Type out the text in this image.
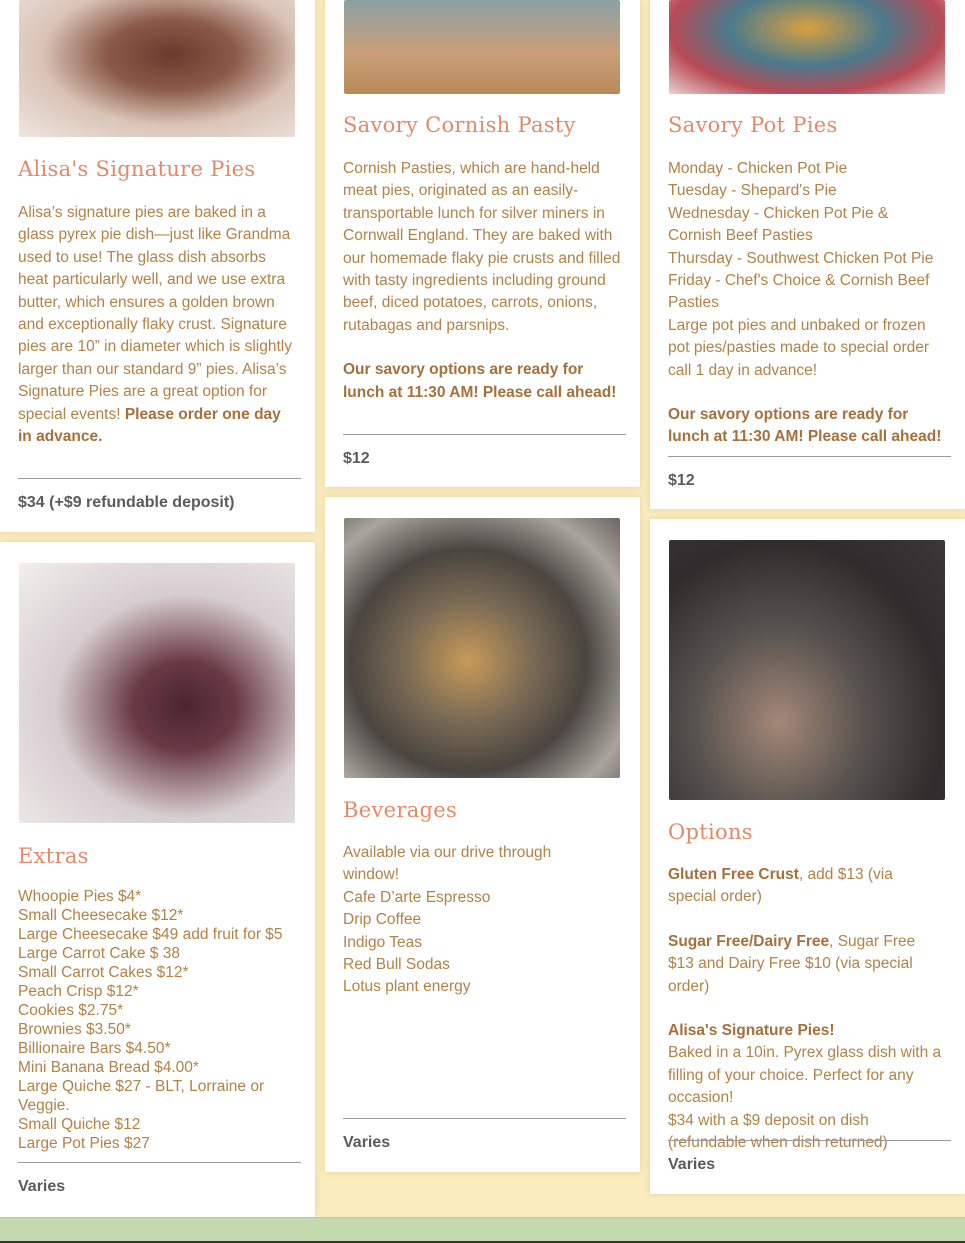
Alisa's Signature Pies
Alisa’s signature pies are baked in a glass pyrex pie dish—just like Grandma used to use! The glass dish absorbs heat particularly well, and we use extra butter, which ensures a golden brown and exceptionally flaky crust. Signature pies are 10” in diameter which is slightly larger than our standard 9” pies. Alisa’s Signature Pies are a great option for special events! Please order one day in advance.
$34 (+$9 refundable deposit)
Savory Cornish Pasty

Cornish Pasties, which are hand-held meat pies, originated as an easily-transportable lunch for silver miners in Cornwall England. They are baked with our homemade flaky pie crusts and filled with tasty ingredients including ground beef, diced potatoes, carrots, onions, rutabagas and parsnips.

Our savory options are ready for lunch at 11:30 AM! Please call ahead!

$12
Savory Pot Pies

Monday - Chicken Pot Pie

Tuesday - Shepard's Pie

Wednesday - Chicken Pot Pie & Cornish Beef Pasties

Thursday - Southwest Chicken Pot Pie

Friday - Chef's Choice & Cornish Beef Pasties

Large pot pies and unbaked or frozen pot pies/pasties made to special order call 1 day in advance!

Our savory options are ready for lunch at 11:30 AM! Please call ahead!

$12
Extras

Whoopie Pies $4*

Small Cheesecake $12*

Large Cheesecake $49 add fruit for $5

Large Carrot Cake $ 38

Small Carrot Cakes $12*

Peach Crisp $12*

Cookies $2.75*

Brownies $3.50*

Billionaire Bars $4.50*

Mini Banana Bread $4.00*

Large Quiche $27 - BLT, Lorraine or Veggie.

Small Quiche $12

Large Pot Pies $27

Varies
Beverages

Available via our drive through window!

Cafe D’arte Espresso

Drip Coffee

Indigo Teas

Red Bull Sodas

Lotus plant energy

Varies
Options

Gluten Free Crust, add $13 (via special order)

Sugar Free/Dairy Free, Sugar Free $13 and Dairy Free $10 (via special order)

Alisa's Signature Pies!

Baked in a 10in. Pyrex glass dish with a filling of your choice. Perfect for any occasion!

$34 with a $9 deposit on dish (refundable when dish returned)

Varies
